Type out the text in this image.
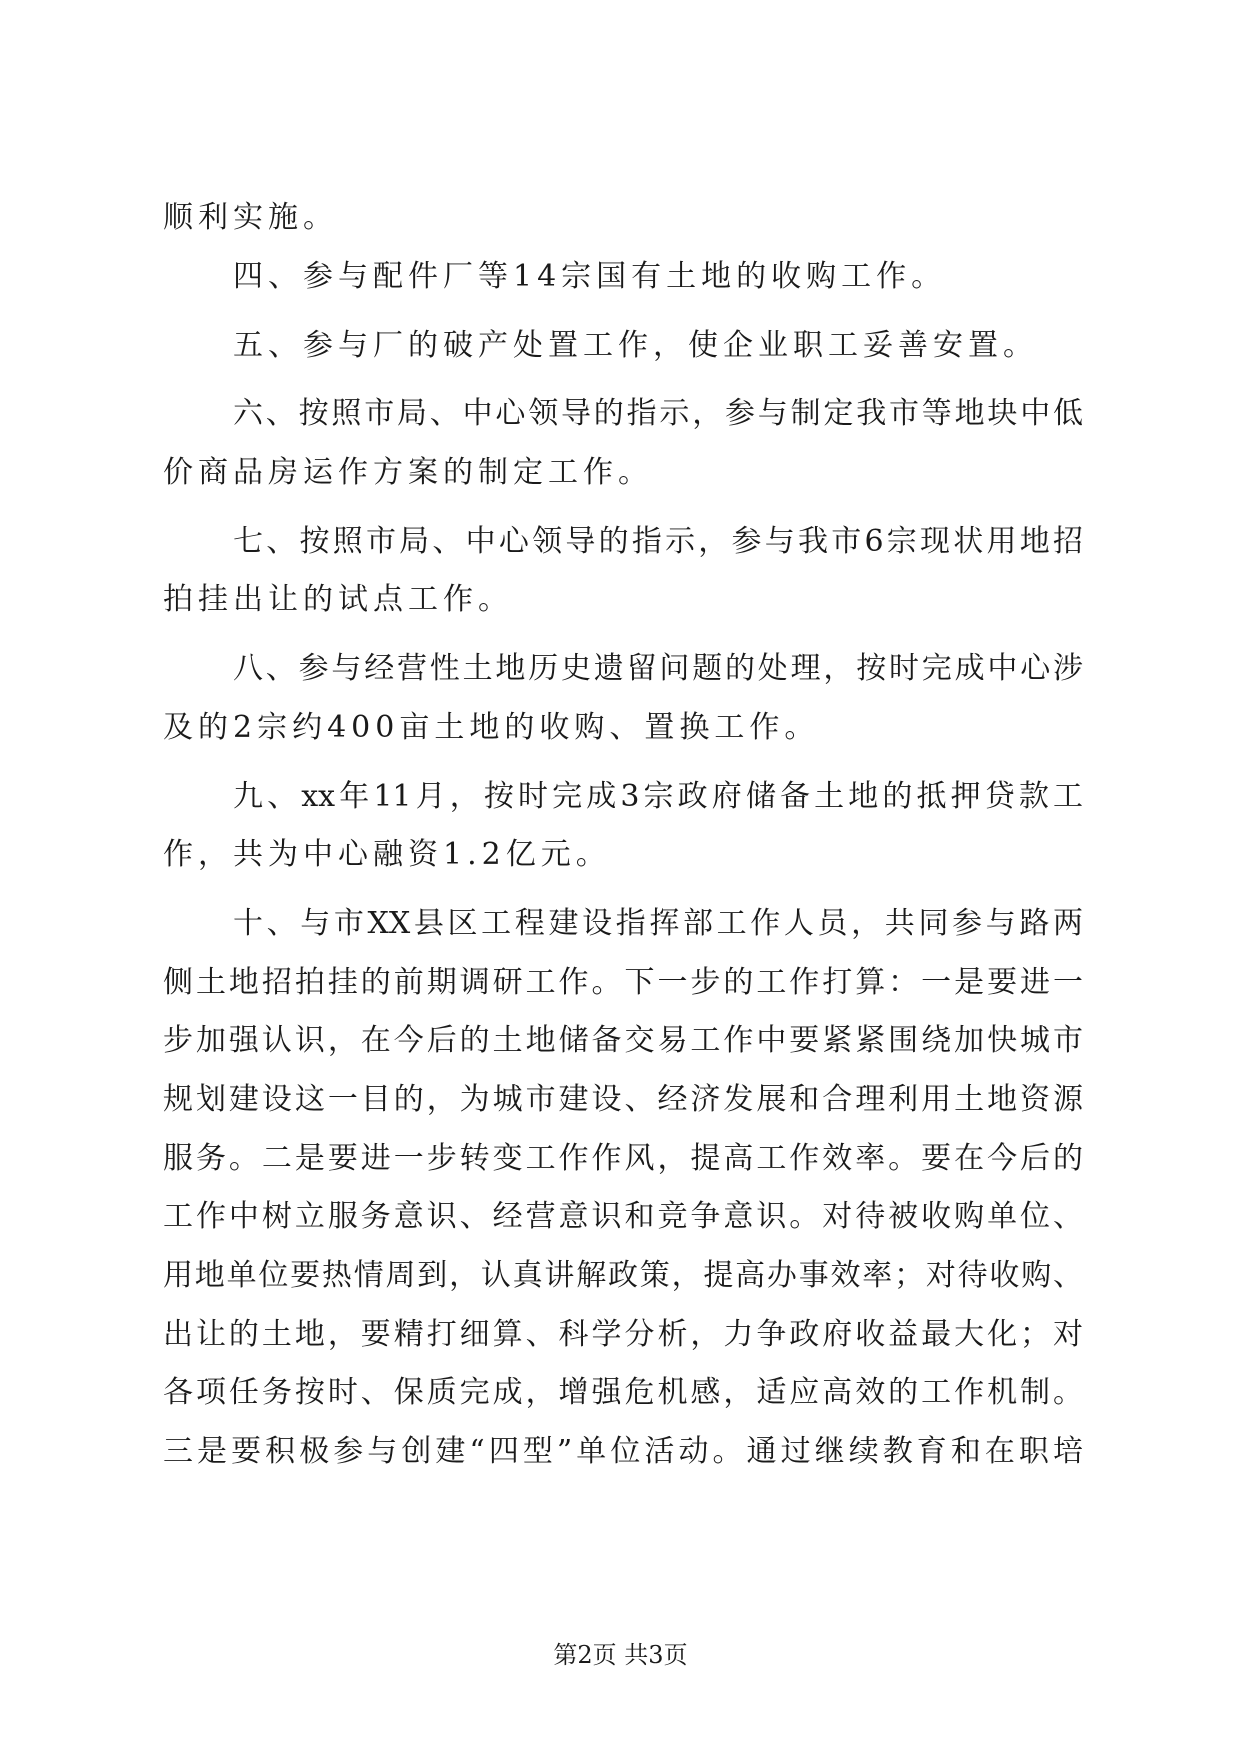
顺利实施。
四、参与配件厂等14宗国有土地的收购工作。
五、参与厂的破产处置工作，使企业职工妥善安置。
六、按照市局、中心领导的指示，参与制定我市等地块中低
价商品房运作方案的制定工作。
七、按照市局、中心领导的指示，参与我市6宗现状用地招
拍挂出让的试点工作。
八、参与经营性土地历史遗留问题的处理，按时完成中心涉
及的2宗约400亩土地的收购、置换工作。
九、xx年11月，按时完成3宗政府储备土地的抵押贷款工
作，共为中心融资1.2亿元。
十、与市XX县区工程建设指挥部工作人员，共同参与路两
侧土地招拍挂的前期调研工作。下一步的工作打算：一是要进一
步加强认识，在今后的土地储备交易工作中要紧紧围绕加快城市
规划建设这一目的，为城市建设、经济发展和合理利用土地资源
服务。二是要进一步转变工作作风，提高工作效率。要在今后的
工作中树立服务意识、经营意识和竞争意识。对待被收购单位、
用地单位要热情周到，认真讲解政策，提高办事效率；对待收购、
出让的土地，要精打细算、科学分析，力争政府收益最大化；对
各项任务按时、保质完成，增强危机感，适应高效的工作机制。
三是要积极参与创建“四型”单位活动。通过继续教育和在职培
第2页 共3页
